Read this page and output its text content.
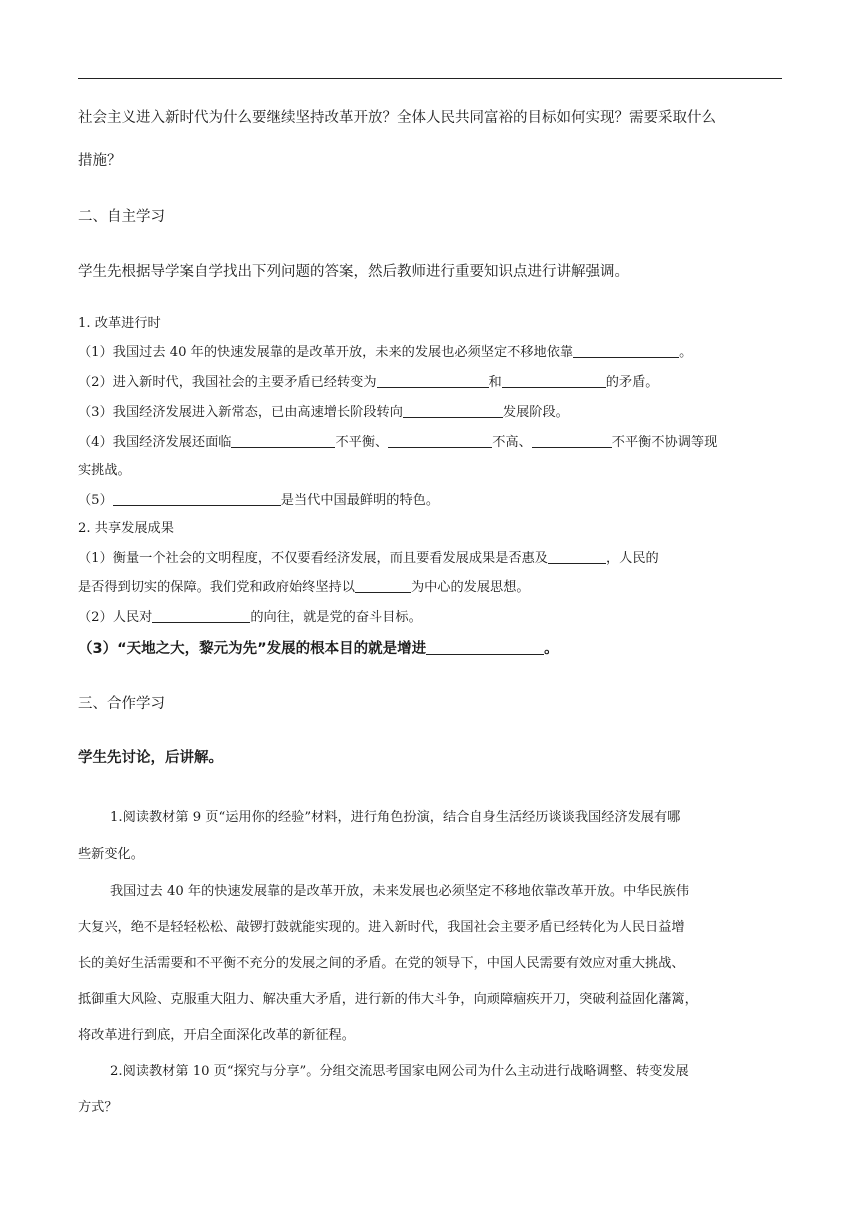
社会主义进入新时代为什么要继续坚持改革开放？全体人民共同富裕的目标如何实现？需要采取什么
措施？
二、自主学习
学生先根据导学案自学找出下列问题的答案，然后教师进行重要知识点进行讲解强调。
1. 改革进行时
（1）我国过去 40 年的快速发展靠的是改革开放，未来的发展也必须坚定不移地依靠	。
（2）进入新时代，我国社会的主要矛盾已经转变为	和	的矛盾。
（3）我国经济发展进入新常态，已由高速增长阶段转向	发展阶段。
（4）我国经济发展还面临	不平衡、	不高、	不平衡不协调等现
实挑战。
（5）	是当代中国最鲜明的特色。
2. 共享发展成果
（1）衡量一个社会的文明程度，不仅要看经济发展，而且要看发展成果是否惠及	，人民的
是否得到切实的保障。我们党和政府始终坚持以	为中心的发展思想。
（2）人民对	的向往，就是党的奋斗目标。
（3）“天地之大，黎元为先”发展的根本目的就是增进	。
三、合作学习
学生先讨论，后讲解。
1.阅读教材第 9 页“运用你的经验”材料，进行角色扮演，结合自身生活经历谈谈我国经济发展有哪
些新变化。
我国过去 40 年的快速发展靠的是改革开放，未来发展也必须坚定不移地依靠改革开放。中华民族伟
大复兴，绝不是轻轻松松、敲锣打鼓就能实现的。进入新时代，我国社会主要矛盾已经转化为人民日益增
长的美好生活需要和不平衡不充分的发展之间的矛盾。在党的领导下，中国人民需要有效应对重大挑战、
抵御重大风险、克服重大阻力、解决重大矛盾，进行新的伟大斗争，向顽障痼疾开刀，突破利益固化藩篱，
将改革进行到底，开启全面深化改革的新征程。
2.阅读教材第 10 页“探究与分享”。分组交流思考国家电网公司为什么主动进行战略调整、转变发展
方式？
